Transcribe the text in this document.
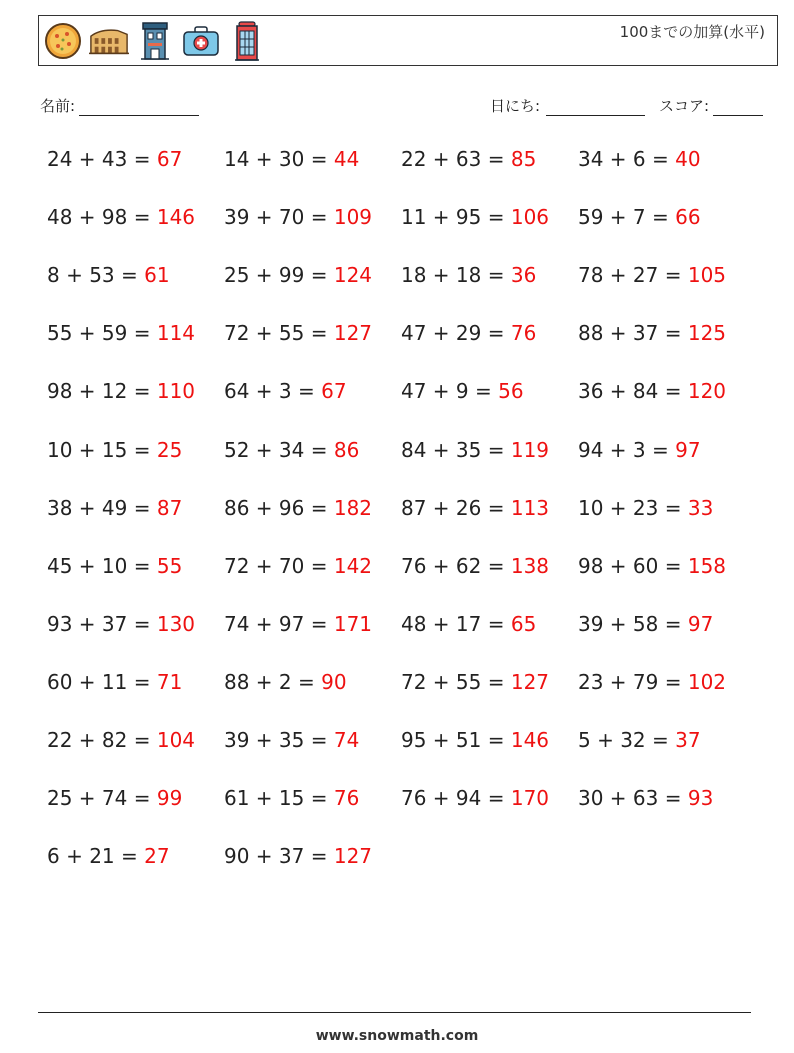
100までの加算(水平)
名前:	日にち:	スコア:
24 + 43 = 67 14 + 30 = 44 22 + 63 = 85 34 + 6 = 40
48 + 98 = 146 39 + 70 = 109 11 + 95 = 106 59 + 7 = 66
8 + 53 = 61	25 + 99 = 124 18 + 18 = 36 78 + 27 = 105
55 + 59 = 114 72 + 55 = 127 47 + 29 = 76 88 + 37 = 125
98 + 12 = 110 64 + 3 = 67	47 + 9 = 56	36 + 84 = 120
10 + 15 = 25 52 + 34 = 86 84 + 35 = 119 94 + 3 = 97
38 + 49 = 87 86 + 96 = 182 87 + 26 = 113 10 + 23 = 33
45 + 10 = 55 72 + 70 = 142 76 + 62 = 138 98 + 60 = 158
93 + 37 = 130 74 + 97 = 171 48 + 17 = 65 39 + 58 = 97
60 + 11 = 71 88 + 2 = 90	72 + 55 = 127 23 + 79 = 102
22 + 82 = 104 39 + 35 = 74 95 + 51 = 146 5 + 32 = 37
25 + 74 = 99 61 + 15 = 76 76 + 94 = 170 30 + 63 = 93
6 + 21 = 27	90 + 37 = 127
www.snowmath.com
